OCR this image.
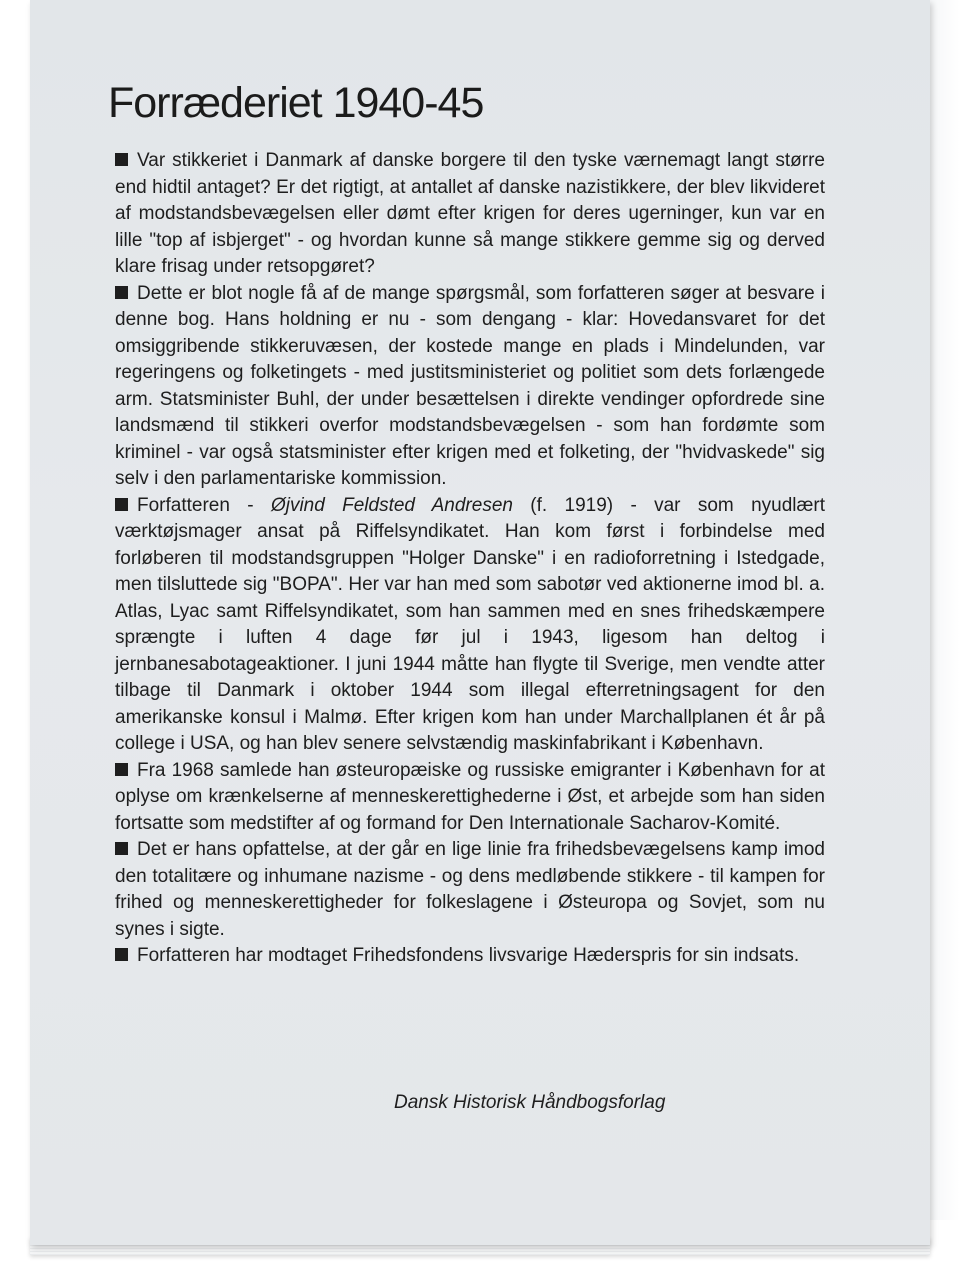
Forræderiet 1940-45

Var stikkeriet i Danmark af danske borgere til den tyske værnemagt langt større end hidtil antaget? Er det rigtigt, at antallet af danske nazistikkere, der blev likvideret af modstandsbevægelsen eller dømt efter krigen for deres ugerninger, kun var en lille "top af isbjerget" - og hvordan kunne så mange stikkere gemme sig og derved klare frisag under retsopgøret?

Dette er blot nogle få af de mange spørgsmål, som forfatteren søger at besvare i denne bog. Hans holdning er nu - som dengang - klar: Hovedansvaret for det omsiggribende stikkeruvæsen, der kostede mange en plads i Mindelunden, var regeringens og folketingets - med justitsministeriet og politiet som dets forlængede arm. Statsminister Buhl, der under besættelsen i direkte vendinger opfordrede sine landsmænd til stikkeri overfor modstandsbevægelsen - som han fordømte som kriminel - var også statsminister efter krigen med et folketing, der "hvidvaskede" sig selv i den parlamentariske kommission.

Forfatteren - Øjvind Feldsted Andresen (f. 1919) - var som nyudlært værktøjsmager ansat på Riffelsyndikatet. Han kom først i forbindelse med forløberen til modstandsgruppen "Holger Danske" i en radioforretning i Istedgade, men tilsluttede sig "BOPA". Her var han med som sabotør ved aktionerne imod bl. a. Atlas, Lyac samt Riffelsyndikatet, som han sammen med en snes frihedskæmpere sprængte i luften 4 dage før jul i 1943, ligesom han deltog i jernbanesabotageaktioner. I juni 1944 måtte han flygte til Sverige, men vendte atter tilbage til Danmark i oktober 1944 som illegal efterretningsagent for den amerikanske konsul i Malmø. Efter krigen kom han under Marchallplanen ét år på college i USA, og han blev senere selvstændig maskinfabrikant i København.

Fra 1968 samlede han østeuropæiske og russiske emigranter i København for at oplyse om krænkelserne af menneskerettighederne i Øst, et arbejde som han siden fortsatte som medstifter af og formand for Den Internationale Sacharov-Komité.

Det er hans opfattelse, at der går en lige linie fra frihedsbevægelsens kamp imod den totalitære og inhumane nazisme - og dens medløbende stikkere - til kampen for frihed og menneskerettigheder for folkeslagene i Østeuropa og Sovjet, som nu synes i sigte.

Forfatteren har modtaget Frihedsfondens livsvarige Hæderspris for sin indsats.

Dansk Historisk Håndbogsforlag
